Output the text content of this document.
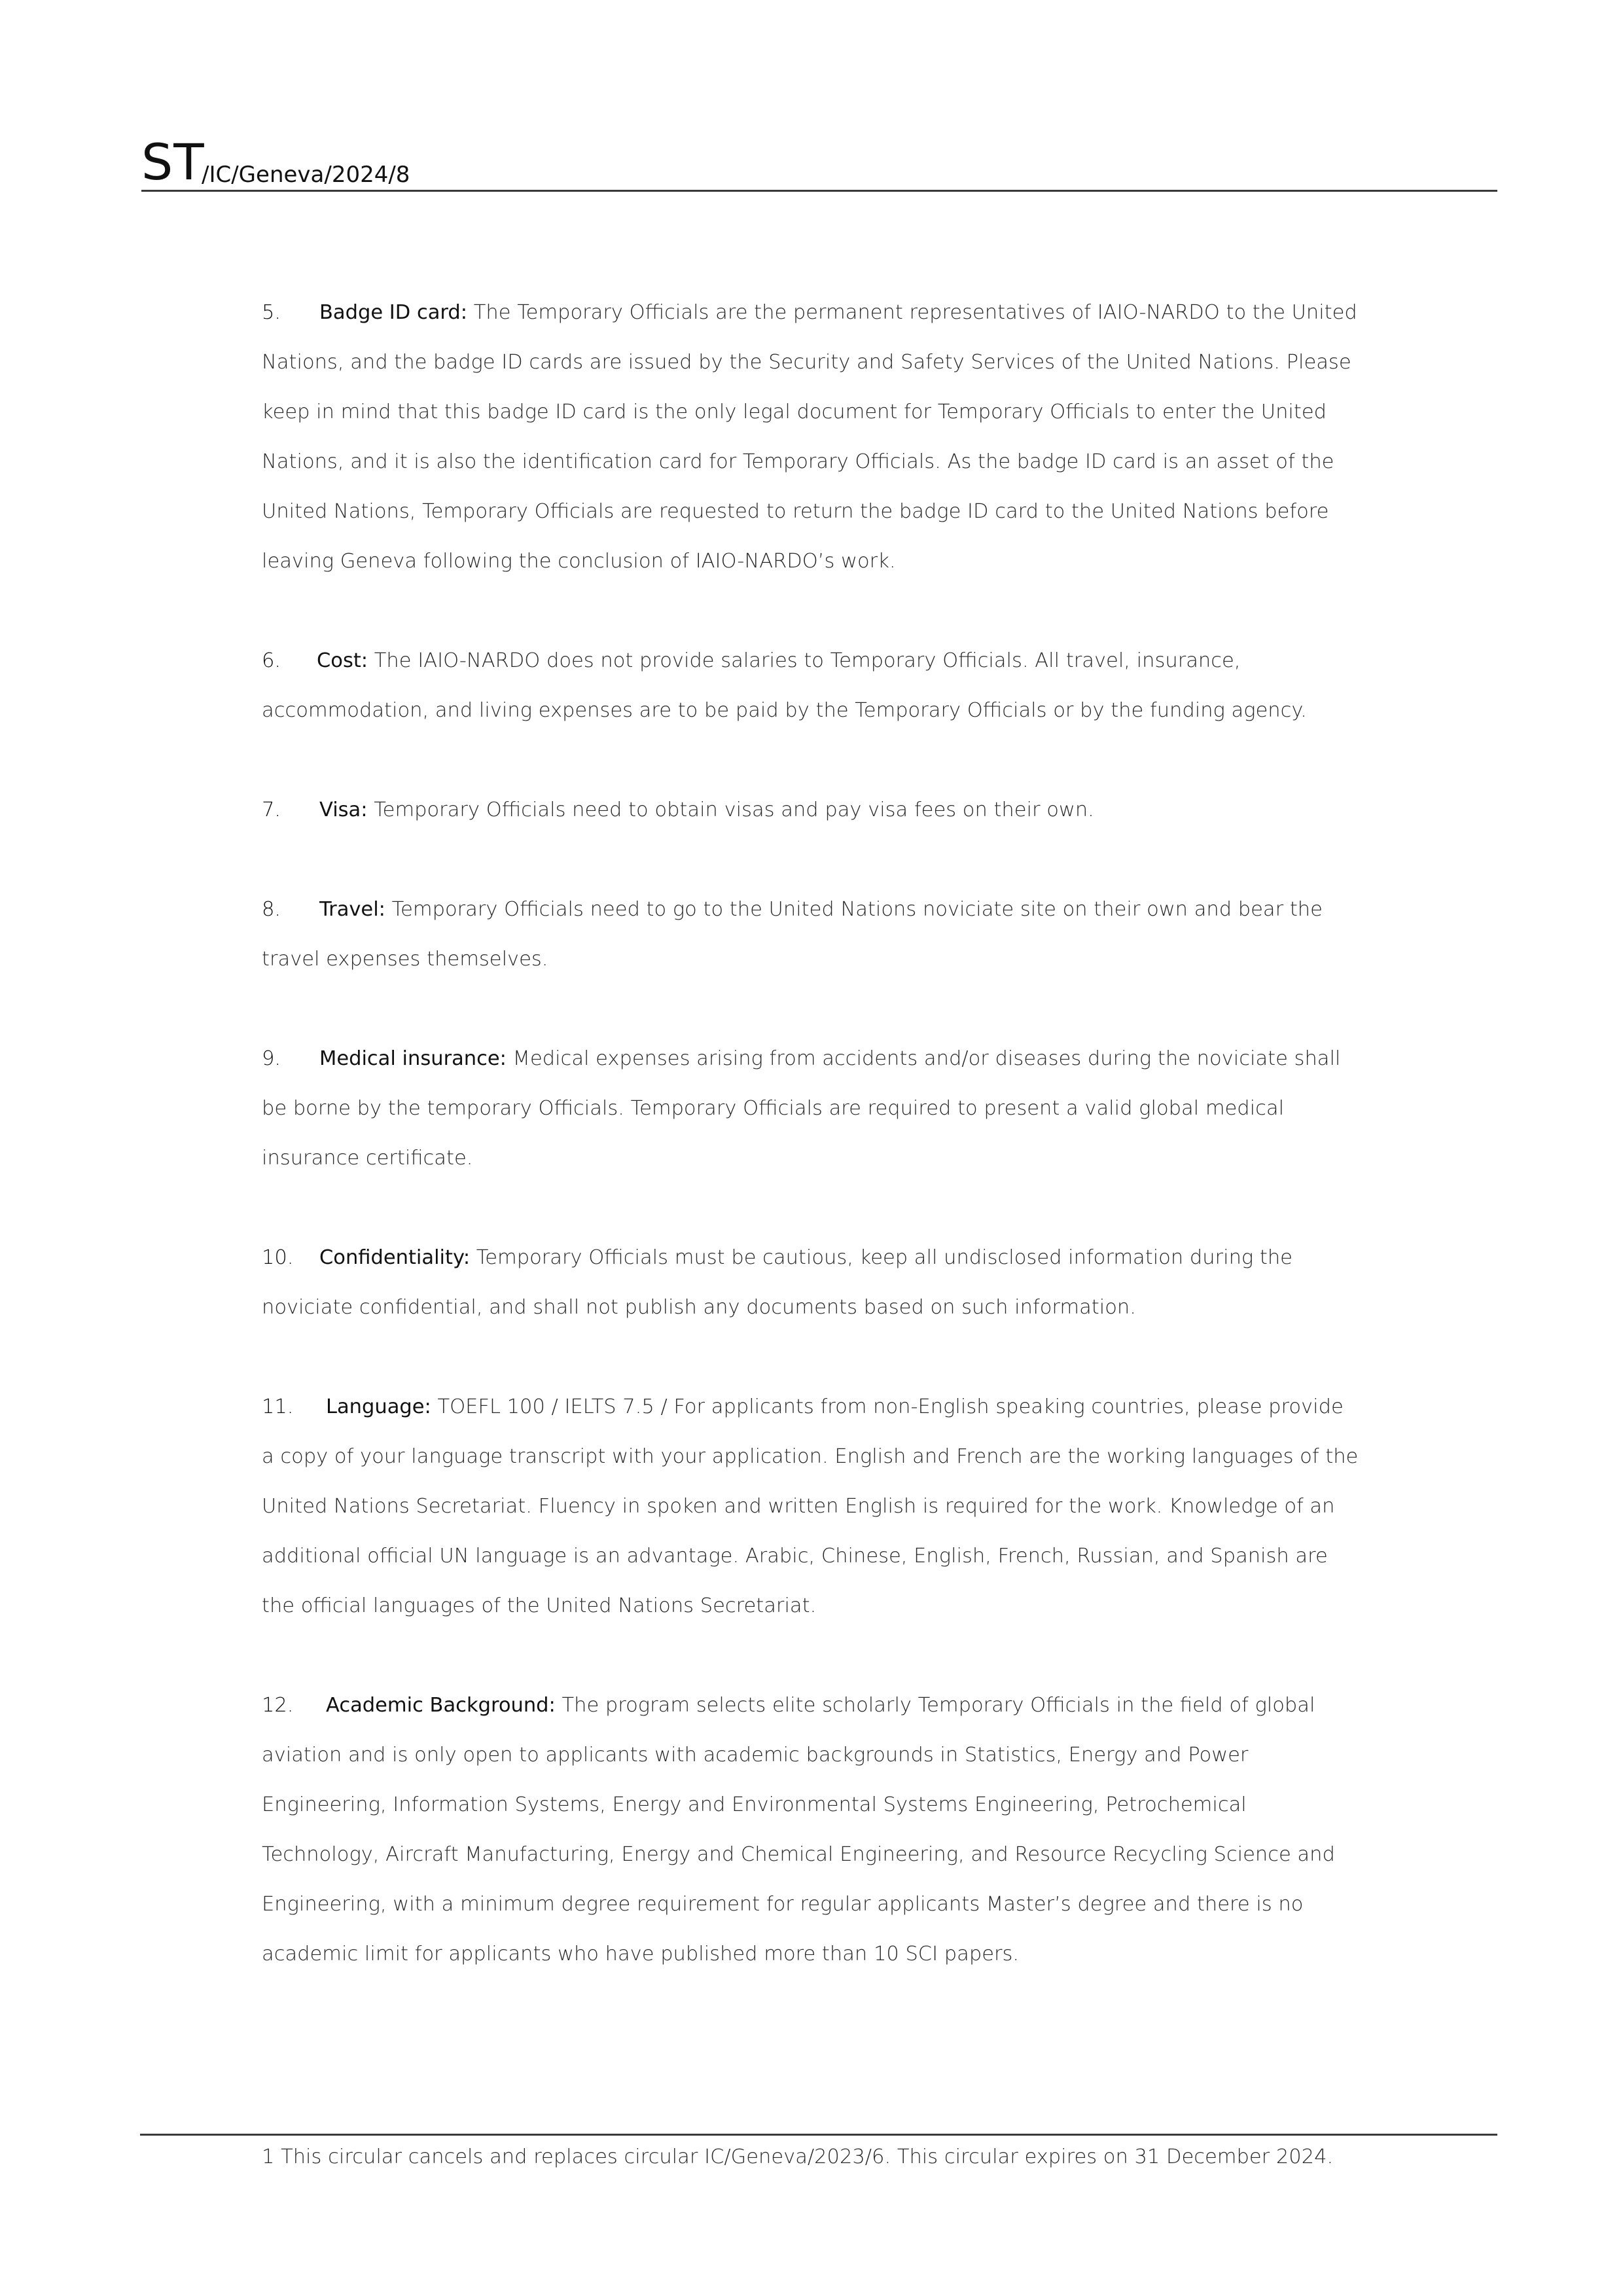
ST
/IC/Geneva/2024/8

5. Badge ID card: The Temporary Officials are the permanent representatives of IAIO-NARDO to the United Nations, and the badge ID cards are issued by the Security and Safety Services of the United Nations. Please keep in mind that this badge ID card is the only legal document for Temporary Officials to enter the United Nations, and it is also the identification card for Temporary Officials. As the badge ID card is an asset of the United Nations, Temporary Officials are requested to return the badge ID card to the United Nations before leaving Geneva following the conclusion of IAIO-NARDO’s work.

6. Cost: The IAIO-NARDO does not provide salaries to Temporary Officials. All travel, insurance, accommodation, and living expenses are to be paid by the Temporary Officials or by the funding agency.

7. Visa: Temporary Officials need to obtain visas and pay visa fees on their own.

8. Travel: Temporary Officials need to go to the United Nations noviciate site on their own and bear the travel expenses themselves.

9. Medical insurance: Medical expenses arising from accidents and/or diseases during the noviciate shall be borne by the temporary Officials. Temporary Officials are required to present a valid global medical insurance certificate.

10. Confidentiality: Temporary Officials must be cautious, keep all undisclosed information during the noviciate confidential, and shall not publish any documents based on such information.

11. Language: TOEFL 100 / IELTS 7.5 / For applicants from non-English speaking countries, please provide a copy of your language transcript with your application. English and French are the working languages of the United Nations Secretariat. Fluency in spoken and written English is required for the work. Knowledge of an additional official UN language is an advantage. Arabic, Chinese, English, French, Russian, and Spanish are the official languages of the United Nations Secretariat.

12. Academic Background: The program selects elite scholarly Temporary Officials in the field of global aviation and is only open to applicants with academic backgrounds in Statistics, Energy and Power Engineering, Information Systems, Energy and Environmental Systems Engineering, Petrochemical Technology, Aircraft Manufacturing, Energy and Chemical Engineering, and Resource Recycling Science and Engineering, with a minimum degree requirement for regular applicants Master’s degree and there is no academic limit for applicants who have published more than 10 SCI papers.

1 This circular cancels and replaces circular IC/Geneva/2023/6. This circular expires on 31 December 2024.
